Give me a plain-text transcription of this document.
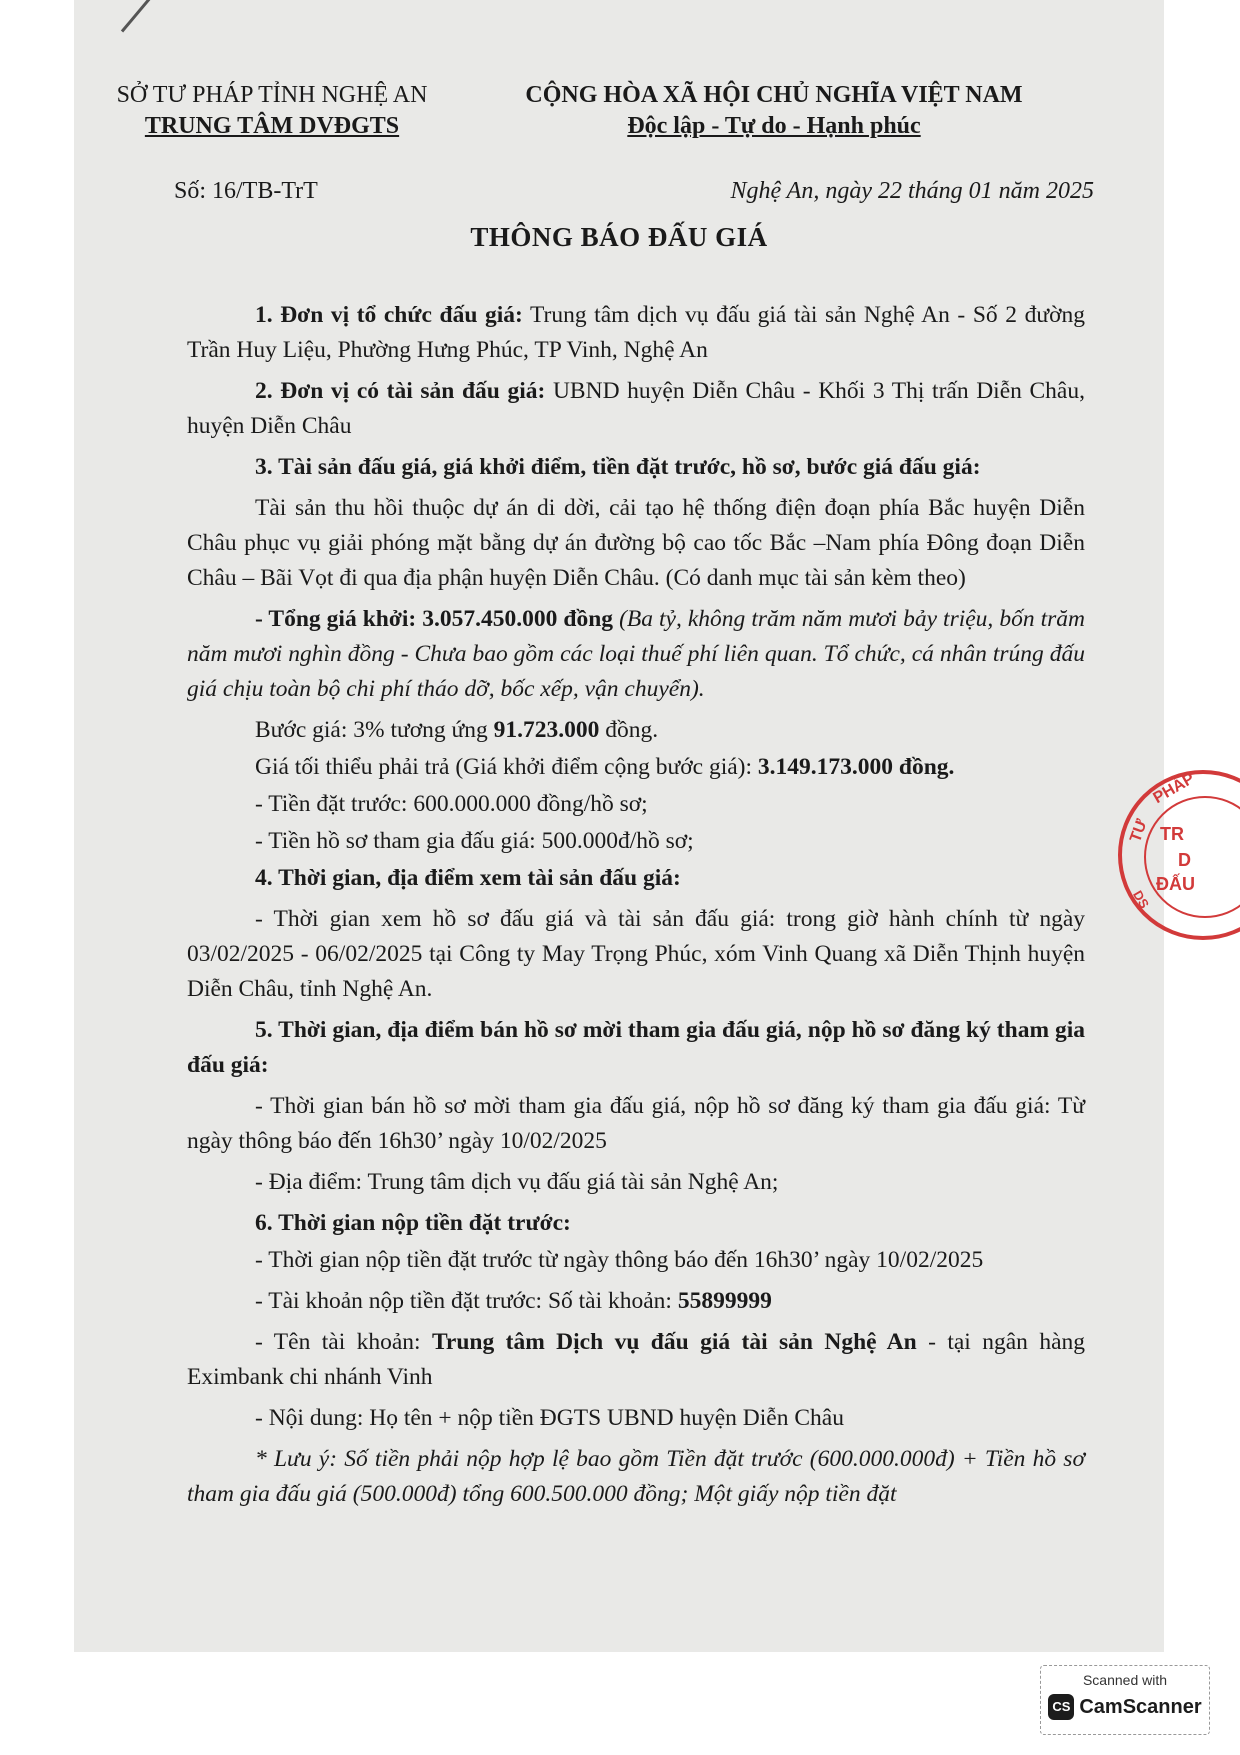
SỞ TƯ PHÁP TỈNH NGHỆ AN
TRUNG TÂM DVĐGTS
CỘNG HÒA XÃ HỘI CHỦ NGHĨA VIỆT NAM
Độc lập - Tự do - Hạnh phúc
Số: 16/TB-TrT	Nghệ An, ngày 22 tháng 01 năm 2025
THÔNG BÁO ĐẤU GIÁ

1. Đơn vị tổ chức đấu giá: Trung tâm dịch vụ đấu giá tài sản Nghệ An - Số 2 đường Trần Huy Liệu, Phường Hưng Phúc, TP Vinh, Nghệ An

2. Đơn vị có tài sản đấu giá: UBND huyện Diễn Châu - Khối 3 Thị trấn Diễn Châu, huyện Diễn Châu

3. Tài sản đấu giá, giá khởi điểm, tiền đặt trước, hồ sơ, bước giá đấu giá:

Tài sản thu hồi thuộc dự án di dời, cải tạo hệ thống điện đoạn phía Bắc huyện Diễn Châu phục vụ giải phóng mặt bằng dự án đường bộ cao tốc Bắc –Nam phía Đông đoạn Diễn Châu – Bãi Vọt đi qua địa phận huyện Diễn Châu. (Có danh mục tài sản kèm theo)

- Tổng giá khởi: 3.057.450.000 đồng (Ba tỷ, không trăm năm mươi bảy triệu, bốn trăm năm mươi nghìn đồng - Chưa bao gồm các loại thuế phí liên quan. Tổ chức, cá nhân trúng đấu giá chịu toàn bộ chi phí tháo dỡ, bốc xếp, vận chuyển).

Bước giá: 3% tương ứng 91.723.000 đồng.

Giá tối thiểu phải trả (Giá khởi điểm cộng bước giá): 3.149.173.000 đồng.

- Tiền đặt trước: 600.000.000 đồng/hồ sơ;

- Tiền hồ sơ tham gia đấu giá: 500.000đ/hồ sơ;

4. Thời gian, địa điểm xem tài sản đấu giá:

- Thời gian xem hồ sơ đấu giá và tài sản đấu giá: trong giờ hành chính từ ngày 03/02/2025 - 06/02/2025 tại Công ty May Trọng Phúc, xóm Vinh Quang xã Diễn Thịnh huyện Diễn Châu, tỉnh Nghệ An.

5. Thời gian, địa điểm bán hồ sơ mời tham gia đấu giá, nộp hồ sơ đăng ký tham gia đấu giá:

- Thời gian bán hồ sơ mời tham gia đấu giá, nộp hồ sơ đăng ký tham gia đấu giá: Từ ngày thông báo đến 16h30’ ngày 10/02/2025

- Địa điểm: Trung tâm dịch vụ đấu giá tài sản Nghệ An;

6. Thời gian nộp tiền đặt trước:

- Thời gian nộp tiền đặt trước từ ngày thông báo đến 16h30’ ngày 10/02/2025

- Tài khoản nộp tiền đặt trước: Số tài khoản: 55899999

- Tên tài khoản: Trung tâm Dịch vụ đấu giá tài sản Nghệ An - tại ngân hàng Eximbank chi nhánh Vinh

- Nội dung: Họ tên + nộp tiền ĐGTS UBND huyện Diễn Châu

* Lưu ý: Số tiền phải nộp hợp lệ bao gồm Tiền đặt trước (600.000.000đ) + Tiền hồ sơ tham gia đấu giá (500.000đ) tổng 600.500.000 đồng; Một giấy nộp tiền đặt

PHÁP
TƯ TR
D
ĐẤU
DS
Scanned with
CS CamScanner
